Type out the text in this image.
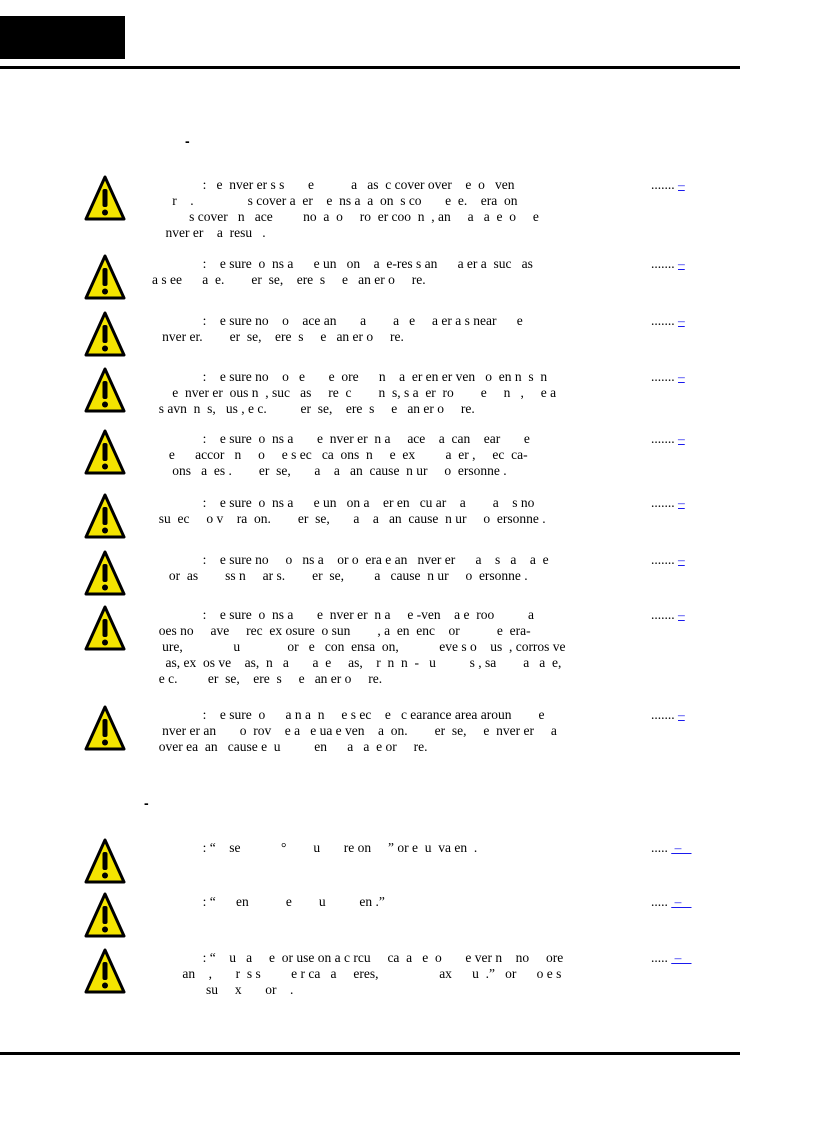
-
:   e  nver er s s       e           a   as  c cover over    e  o   ven
r    .                s cover a  er    e  ns a  a  on  s co       e  e.    era  on
s cover   n   ace         no  a  o     ro  er coo  n  , an     a   a  e  o     e
nver er    a  resu   .
....... –
:    e sure  o  ns a      e un   on    a  e-res s an      a er a  suc   as
a s ee      a  e.        er  se,    ere  s     e   an er o     re.
....... –
:    e sure no    o    ace an       a        a   e     a er a s near      e
nver er.        er  se,    ere  s     e   an er o     re.
....... –
:    e sure no    o   e       e  ore      n    a  er en er ven   o  en n  s  n
e  nver er  ous n  , suc   as     re  c        n  s, s a  er  ro        e     n   ,     e a
s avn  n  s,   us , e c.          er  se,    ere  s     e   an er o     re.
....... –
:    e sure  o  ns a       e  nver er  n a     ace    a  can    ear       e
e      accor   n     o     e s ec   ca  ons  n     e  ex         a  er ,     ec  ca-
ons   a  es .        er  se,       a    a   an  cause  n ur     o  ersonne .
....... –
:    e sure  o  ns a      e un   on a    er en   cu ar    a        a    s no
su  ec     o v    ra  on.        er  se,       a    a   an  cause  n ur     o  ersonne .
....... –
:    e sure no     o   ns a    or o  era e an   nver er      a    s   a    a  e
or  as        ss n     ar s.        er  se,         a   cause  n ur     o  ersonne .
....... –
:    e sure  o  ns a       e  nver er  n a     e -ven    a e  roo          a
oes no     ave     rec  ex osure  o sun        , a  en  enc    or           e  era-
ure,               u              or   e   con  ensa  on,            eve s o    us  , corros ve
as, ex  os ve    as,  n   a       a  e     as,    r  n  n  -   u          s , sa        a   a  e,
e c.         er  se,    ere  s     e   an er o     re.
....... –
:    e sure  o      a n a  n     e s ec    e   c earance area aroun        e
nver er an       o  rov    e a   e ua e ven    a  on.        er  se,     e  nver er     a
over ea  an   cause e  u          en      a   a  e or     re.
....... –
-
: “    se            °        u       re on     ” or e  u  va en  .	.....  –
: “      en           e        u          en .”	.....  –
: “    u   a     e  or use on a c rcu     ca  a   e  o       e ver n    no     ore
an    ,       r  s s         e r ca   a     eres,                  ax      u  .”   or      o e s
su     x       or    .
.....  –
